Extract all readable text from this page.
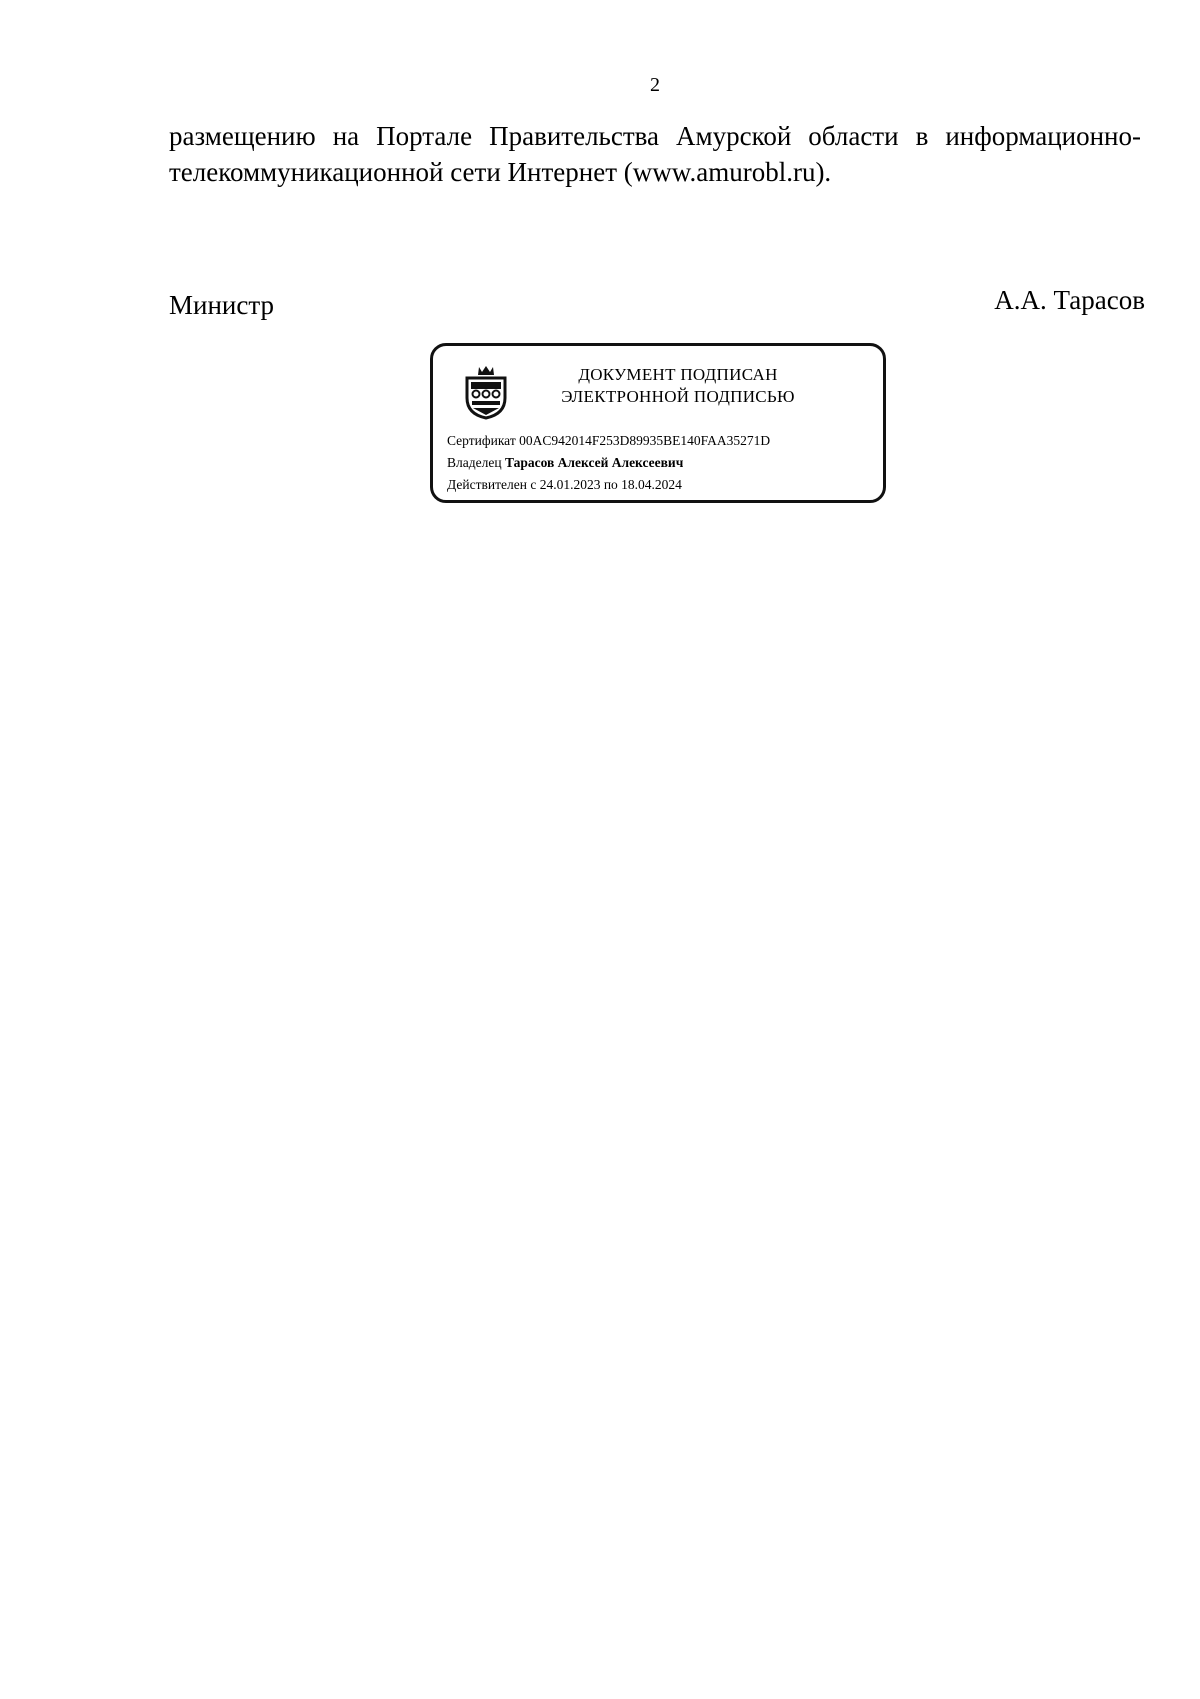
2
размещению на Портале Правительства Амурской области в информационно-
телекоммуникационной сети Интернет (www.amurobl.ru).
Министр	А.А. Тарасов
ДОКУМЕНТ ПОДПИСАН
ЭЛЕКТРОННОЙ ПОДПИСЬЮ
Сертификат 00AC942014F253D89935BE140FAA35271D
Владелец Тарасов Алексей Алексеевич
Действителен с 24.01.2023 по 18.04.2024
